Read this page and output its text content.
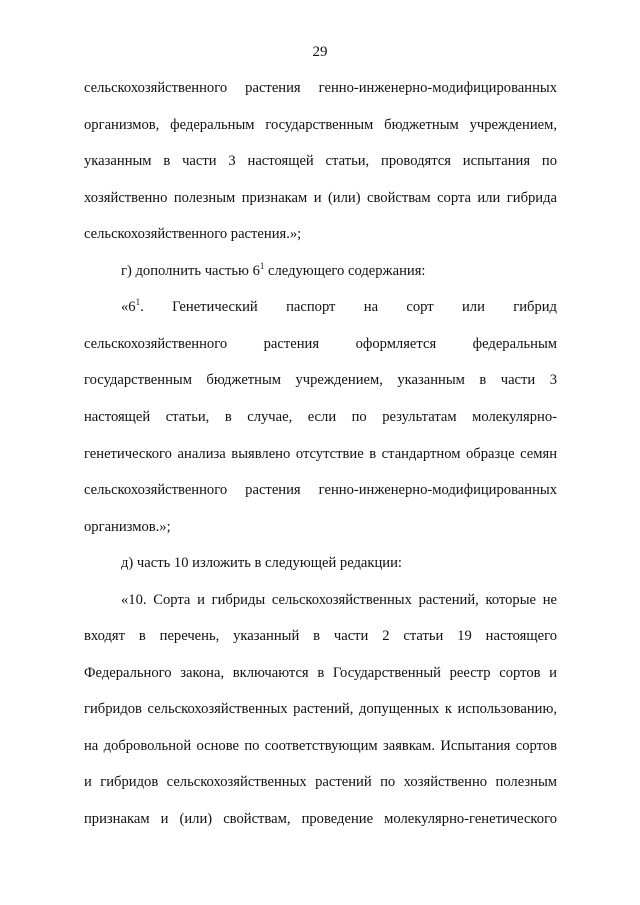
29
сельскохозяйственного растения генно-инженерно-модифицированных
организмов, федеральным государственным бюджетным учреждением,
указанным в части 3 настоящей статьи, проводятся испытания по
хозяйственно полезным признакам и (или) свойствам сорта или гибрида
сельскохозяйственного растения.»;
г) дополнить частью $6^1$ следующего содержания:
«$6^1$. Генетический паспорт на сорт или гибрид
сельскохозяйственного растения оформляется федеральным
государственным бюджетным учреждением, указанным в части 3
настоящей статьи, в случае, если по результатам молекулярно-
генетического анализа выявлено отсутствие в стандартном образце семян
сельскохозяйственного растения генно-инженерно-модифицированных
организмов.»;
д) часть 10 изложить в следующей редакции:
«10. Сорта и гибриды сельскохозяйственных растений, которые не
входят в перечень, указанный в части 2 статьи 19 настоящего
Федерального закона, включаются в Государственный реестр сортов и
гибридов сельскохозяйственных растений, допущенных к использованию,
на добровольной основе по соответствующим заявкам. Испытания сортов
и гибридов сельскохозяйственных растений по хозяйственно полезным
признакам и (или) свойствам, проведение молекулярно-генетического
